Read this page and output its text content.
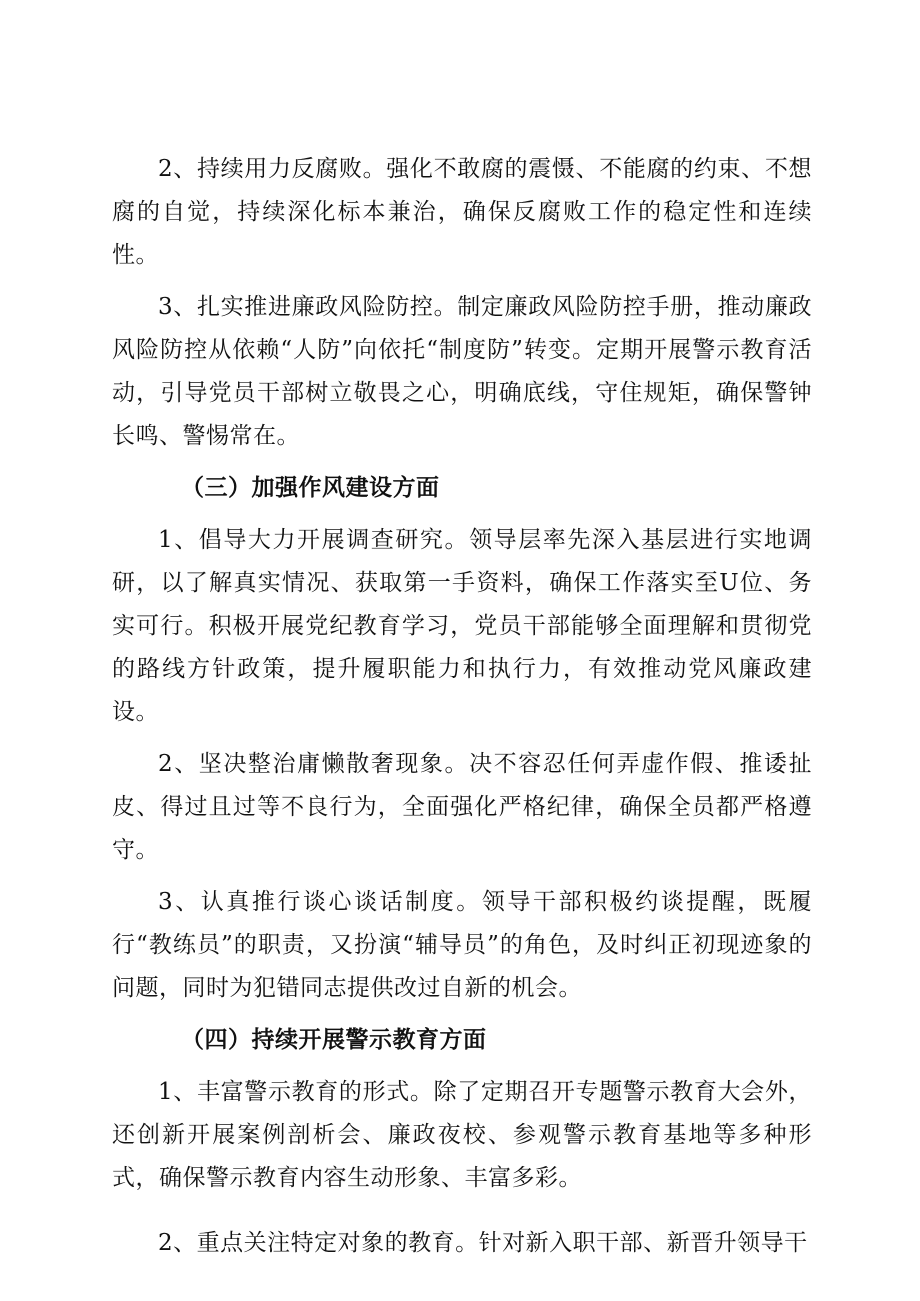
2、持续用力反腐败。强化不敢腐的震慑、不能腐的约束、不想腐的自觉，持续深化标本兼治，确保反腐败工作的稳定性和连续性。

3、扎实推进廉政风险防控。制定廉政风险防控手册，推动廉政风险防控从依赖“人防”向依托“制度防”转变。定期开展警示教育活动，引导党员干部树立敬畏之心，明确底线，守住规矩，确保警钟长鸣、警惕常在。

（三）加强作风建设方面

1、倡导大力开展调查研究。领导层率先深入基层进行实地调研，以了解真实情况、获取第一手资料，确保工作落实至U位、务实可行。积极开展党纪教育学习，党员干部能够全面理解和贯彻党的路线方针政策，提升履职能力和执行力，有效推动党风廉政建设。

2、坚决整治庸懒散奢现象。决不容忍任何弄虚作假、推诿扯皮、得过且过等不良行为，全面强化严格纪律，确保全员都严格遵守。

3、认真推行谈心谈话制度。领导干部积极约谈提醒，既履行“教练员”的职责，又扮演“辅导员”的角色，及时纠正初现迹象的问题，同时为犯错同志提供改过自新的机会。

（四）持续开展警示教育方面

1、丰富警示教育的形式。除了定期召开专题警示教育大会外，还创新开展案例剖析会、廉政夜校、参观警示教育基地等多种形式，确保警示教育内容生动形象、丰富多彩。

2、重点关注特定对象的教育。针对新入职干部、新晋升领导干
